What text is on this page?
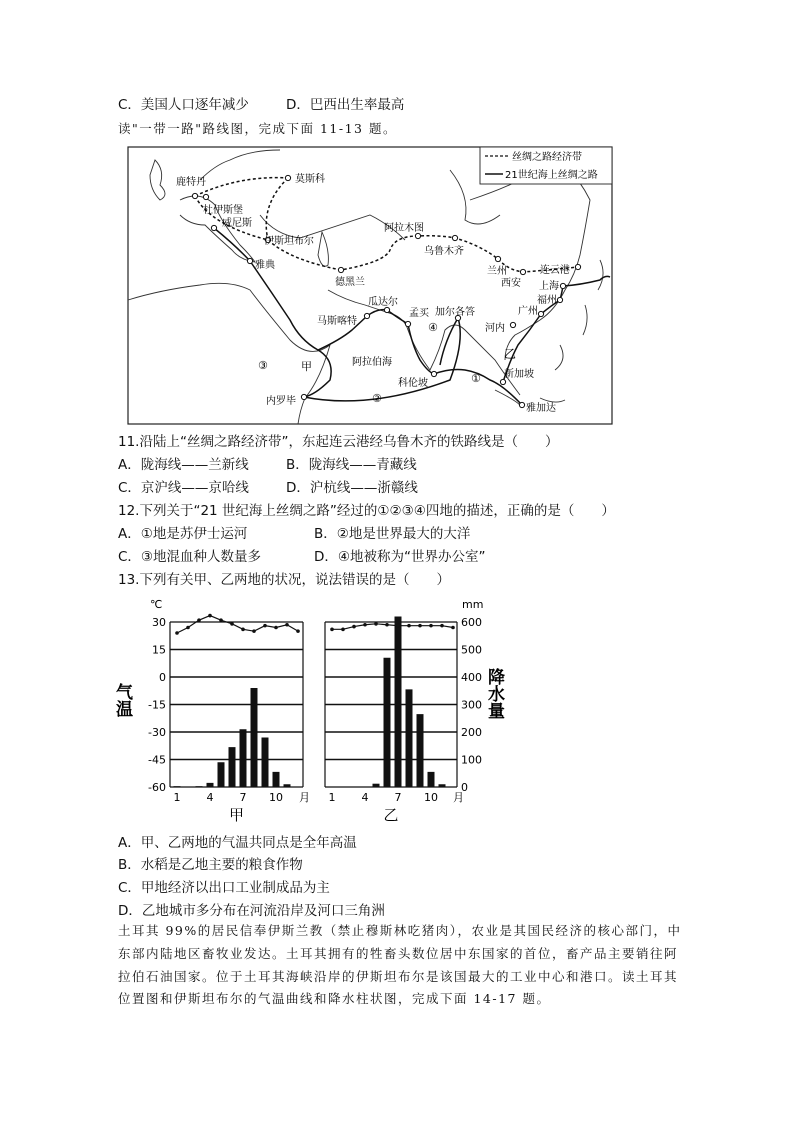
C．美国人口逐年减少	D．巴西出生率最高
读"一带一路"路线图，完成下面 11-13 题。
丝绸之路经济带
21世纪海上丝绸之路
鹿特丹
杜伊斯堡
莫斯科
威尼斯
伊斯坦布尔
雅典
德黑兰
阿拉木图
乌鲁木齐
兰州
西安
连云港
上海
福州
广州
河内
瓜达尔
马斯喀特
孟买 加尔各答
科伦坡
新加坡
内罗毕
雅加达
阿拉伯海
甲
乙
①
②
③
④
11.沿陆上“丝绸之路经济带”，东起连云港经乌鲁木齐的铁路线是（　　）
A．陇海线——兰新线	B．陇海线——青藏线
C．京沪线——京哈线	D．沪杭线——浙赣线
12.下列关于“21 世纪海上丝绸之路”经过的①②③④四地的描述，正确的是（　　）
A．①地是苏伊士运河	B．②地是世界最大的大洋
C．③地混血种人数量多	D．④地被称为“世界办公室”
13.下列有关甲、乙两地的状况，说法错误的是（　　）
1 4 7 10 月
甲
30
15
0
-15
-30
-45
-60
℃
气温
1 4 7 10 月
乙
600
500
400
300
200
100
0
mm
降水量
A．甲、乙两地的气温共同点是全年高温
B．水稻是乙地主要的粮食作物
C．甲地经济以出口工业制成品为主
D．乙地城市多分布在河流沿岸及河口三角洲
土耳其 99%的居民信奉伊斯兰教（禁止穆斯林吃猪肉），农业是其国民经济的核心部门，中
东部内陆地区畜牧业发达。土耳其拥有的牲畜头数位居中东国家的首位，畜产品主要销往阿
拉伯石油国家。位于土耳其海峡沿岸的伊斯坦布尔是该国最大的工业中心和港口。读土耳其
位置图和伊斯坦布尔的气温曲线和降水柱状图，完成下面 14-17 题。
